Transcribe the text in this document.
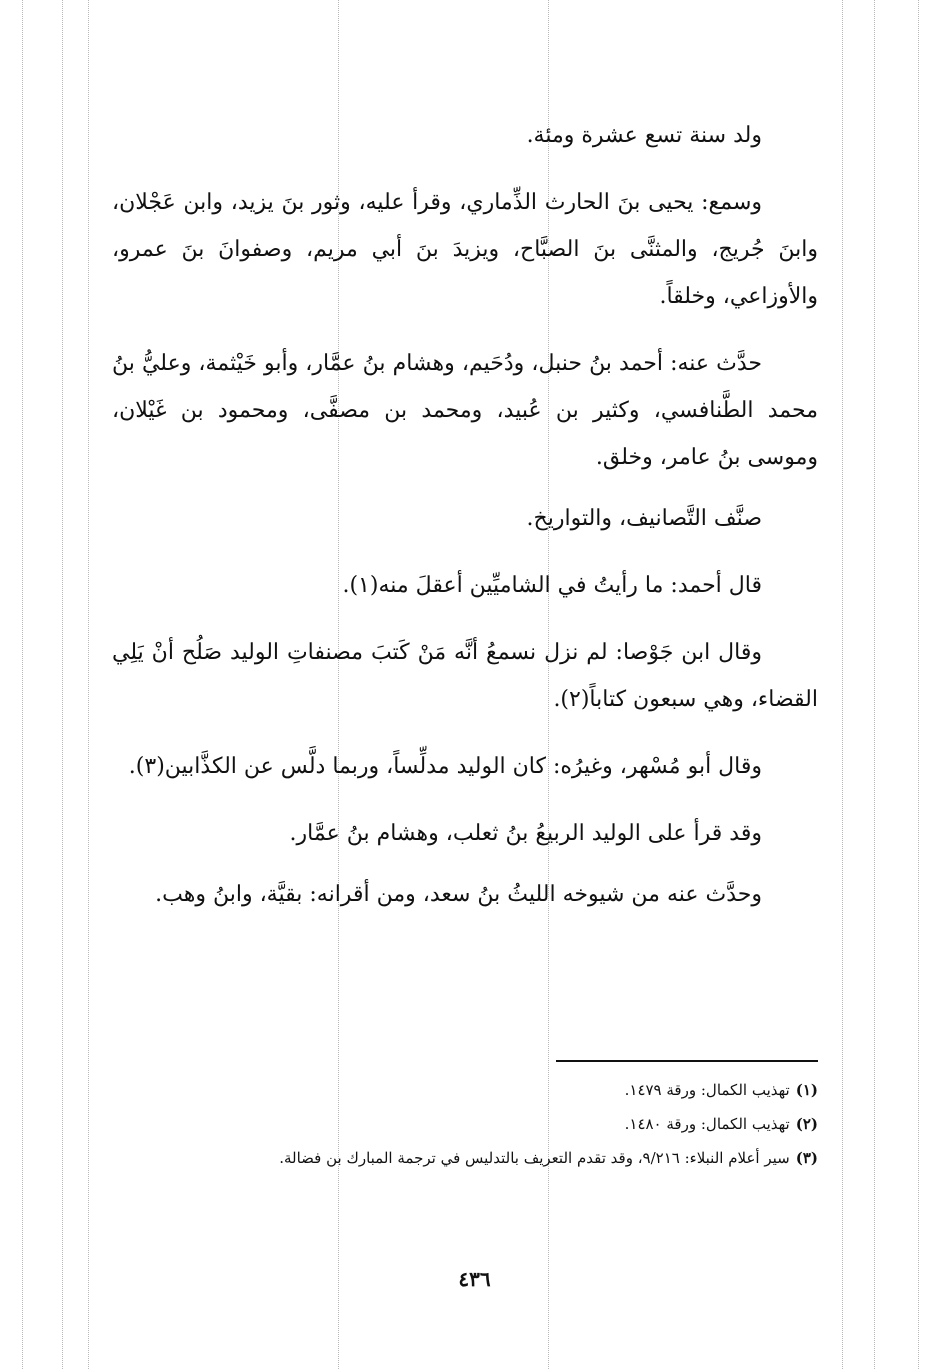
ولد سنة تسع عشرة ومئة.

وسمع: يحيى بنَ الحارث الذِّماري، وقرأ عليه، وثور بنَ يزيد، وابن عَجْلان، وابنَ جُريج، والمثنَّى بنَ الصبَّاح، ويزيدَ بنَ أبي مريم، وصفوانَ بنَ عمرو، والأوزاعي، وخلقاً.

حدَّث عنه: أحمد بنُ حنبل، ودُحَيم، وهشام بنُ عمَّار، وأبو خَيْثمة، وعليُّ بنُ محمد الطَّنافسي، وكثير بن عُبيد، ومحمد بن مصفَّى، ومحمود بن غَيْلان، وموسى بنُ عامر، وخلق.

صنَّف التَّصانيف، والتواريخ.

قال أحمد: ما رأيتُ في الشاميِّين أعقلَ منه(١).

وقال ابن جَوْصا: لم نزل نسمعُ أنَّه مَنْ كَتبَ مصنفاتِ الوليد صَلُح أنْ يَلِي القضاء، وهي سبعون كتاباً(٢).

وقال أبو مُسْهر، وغيرُه: كان الوليد مدلِّساً، وربما دلَّس عن الكذَّابين(٣).

وقد قرأ على الوليد الربيعُ بنُ ثعلب، وهشام بنُ عمَّار.

وحدَّث عنه من شيوخه الليثُ بنُ سعد، ومن أقرانه: بقيَّة، وابنُ وهب.

(١)تهذيب الكمال: ورقة ١٤٧٩.

(٢)تهذيب الكمال: ورقة ١٤٨٠.

(٣)سير أعلام النبلاء: ٩/٢١٦، وقد تقدم التعريف بالتدليس في ترجمة المبارك بن فضالة.

٤٣٦
